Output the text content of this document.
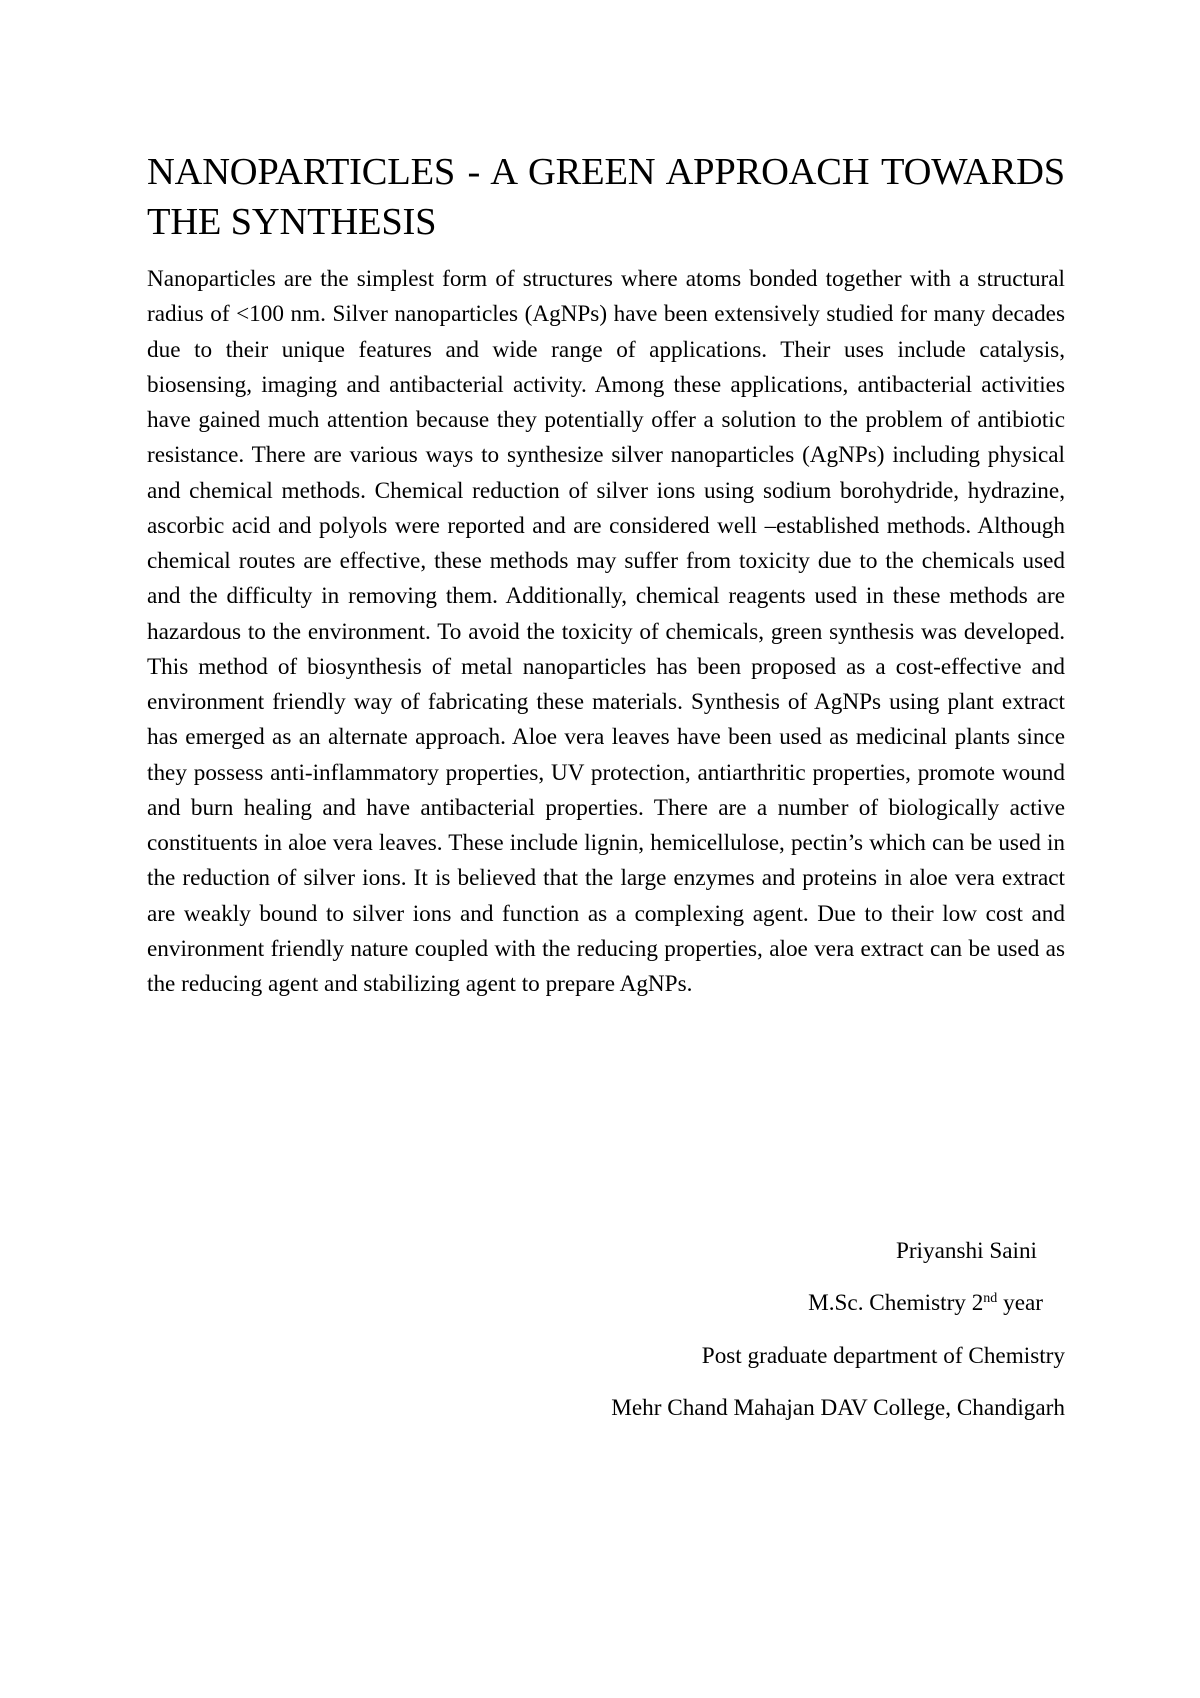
NANOPARTICLES - A GREEN APPROACH TOWARDS THE SYNTHESIS

Nanoparticles are the simplest form of structures where atoms bonded together with a structural radius of <100 nm. Silver nanoparticles (AgNPs) have been extensively studied for many decades due to their unique features and wide range of applications. Their uses include catalysis, biosensing, imaging and antibacterial activity. Among these applications, antibacterial activities have gained much attention because they potentially offer a solution to the problem of antibiotic resistance. There are various ways to synthesize silver nanoparticles (AgNPs) including physical and chemical methods. Chemical reduction of silver ions using sodium borohydride, hydrazine, ascorbic acid and polyols were reported and are considered well –established methods. Although chemical routes are effective, these methods may suffer from toxicity due to the chemicals used and the difficulty in removing them. Additionally, chemical reagents used in these methods are hazardous to the environment. To avoid the toxicity of chemicals, green synthesis was developed. This method of biosynthesis of metal nanoparticles has been proposed as a cost-effective and environment friendly way of fabricating these materials. Synthesis of AgNPs using plant extract has emerged as an alternate approach. Aloe vera leaves have been used as medicinal plants since they possess anti-inflammatory properties, UV protection, antiarthritic properties, promote wound and burn healing and have antibacterial properties. There are a number of biologically active constituents in aloe vera leaves. These include lignin, hemicellulose, pectin’s which can be used in the reduction of silver ions. It is believed that the large enzymes and proteins in aloe vera extract are weakly bound to silver ions and function as a complexing agent. Due to their low cost and environment friendly nature coupled with the reducing properties, aloe vera extract can be used as the reducing agent and stabilizing agent to prepare AgNPs.

Priyanshi Saini
M.Sc. Chemistry 2nd year
Post graduate department of Chemistry
Mehr Chand Mahajan DAV College, Chandigarh
